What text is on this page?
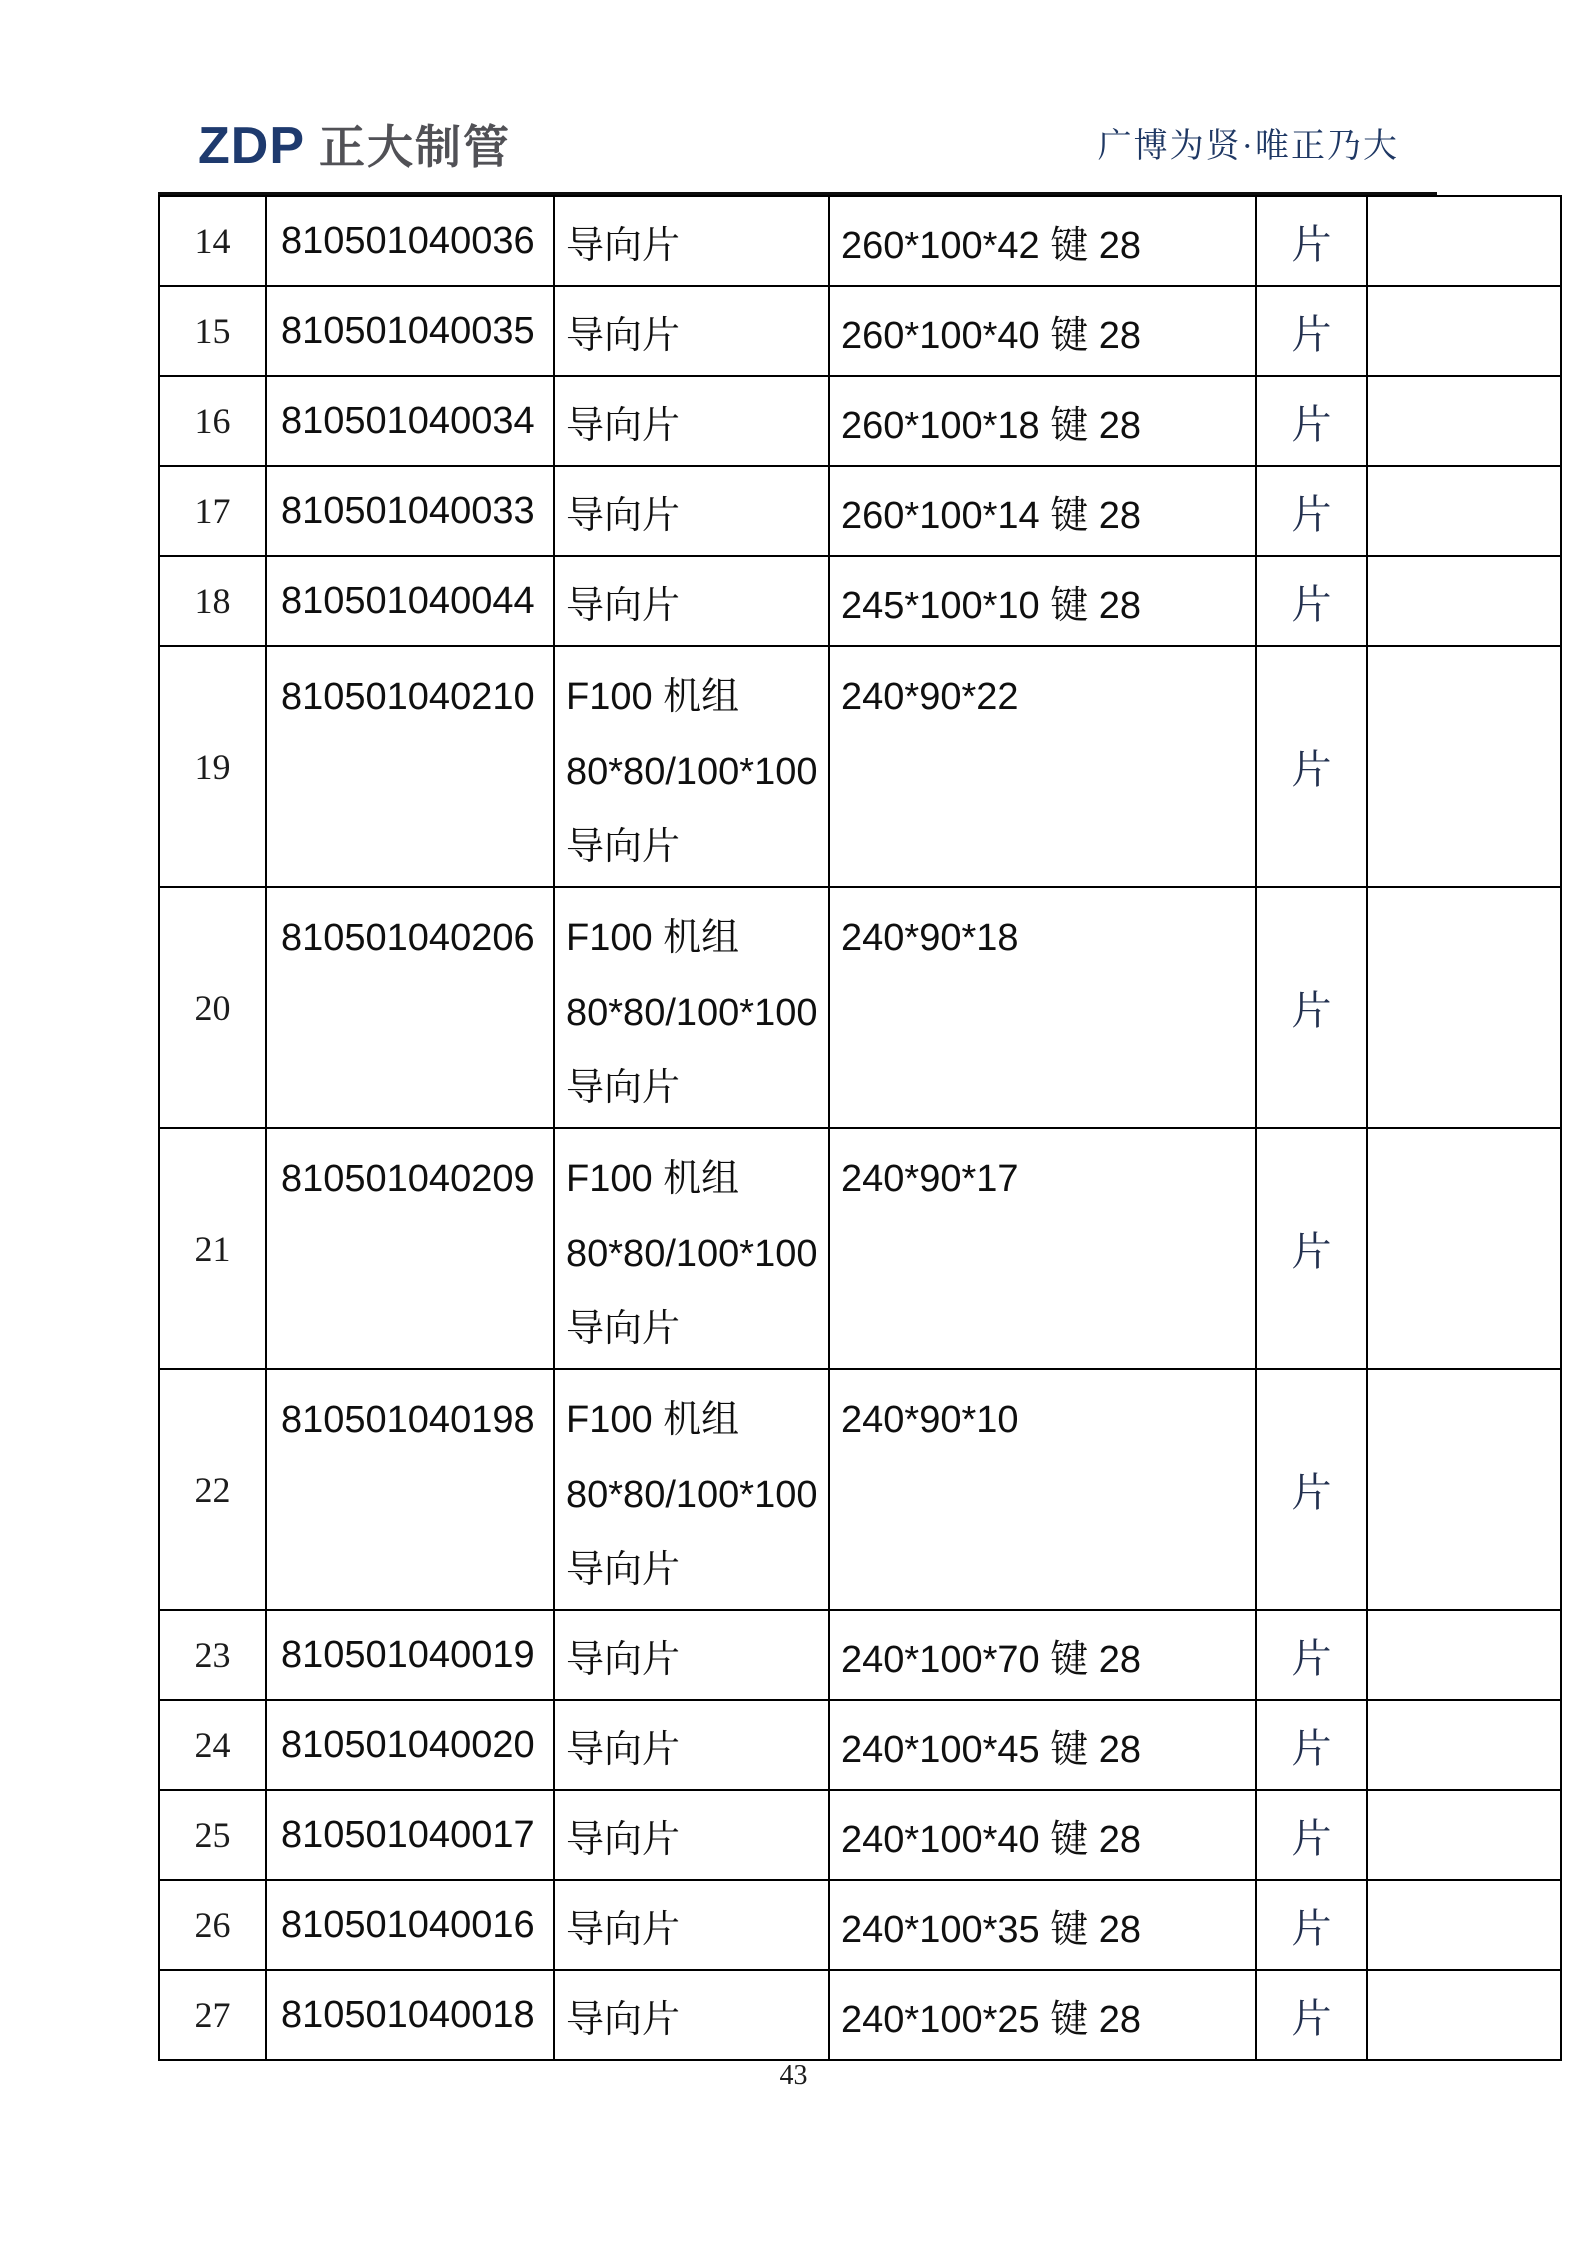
ZDP 正大制管	广博为贤·唯正乃大
14	810501040036	导向片	260*100*42 键 28	片	
15	810501040035	导向片	260*100*40 键 28	片	
16	810501040034	导向片	260*100*18 键 28	片	
17	810501040033	导向片	260*100*14 键 28	片	
18	810501040044	导向片	245*100*10 键 28	片	
19	810501040210	F100 机组
80*80/100*100
导向片	240*90*22	片	
20	810501040206	F100 机组
80*80/100*100
导向片	240*90*18	片	
21	810501040209	F100 机组
80*80/100*100
导向片	240*90*17	片	
22	810501040198	F100 机组
80*80/100*100
导向片	240*90*10	片	
23	810501040019	导向片	240*100*70 键 28	片	
24	810501040020	导向片	240*100*45 键 28	片	
25	810501040017	导向片	240*100*40 键 28	片	
26	810501040016	导向片	240*100*35 键 28	片	
27	810501040018	导向片	240*100*25 键 28	片	
43
